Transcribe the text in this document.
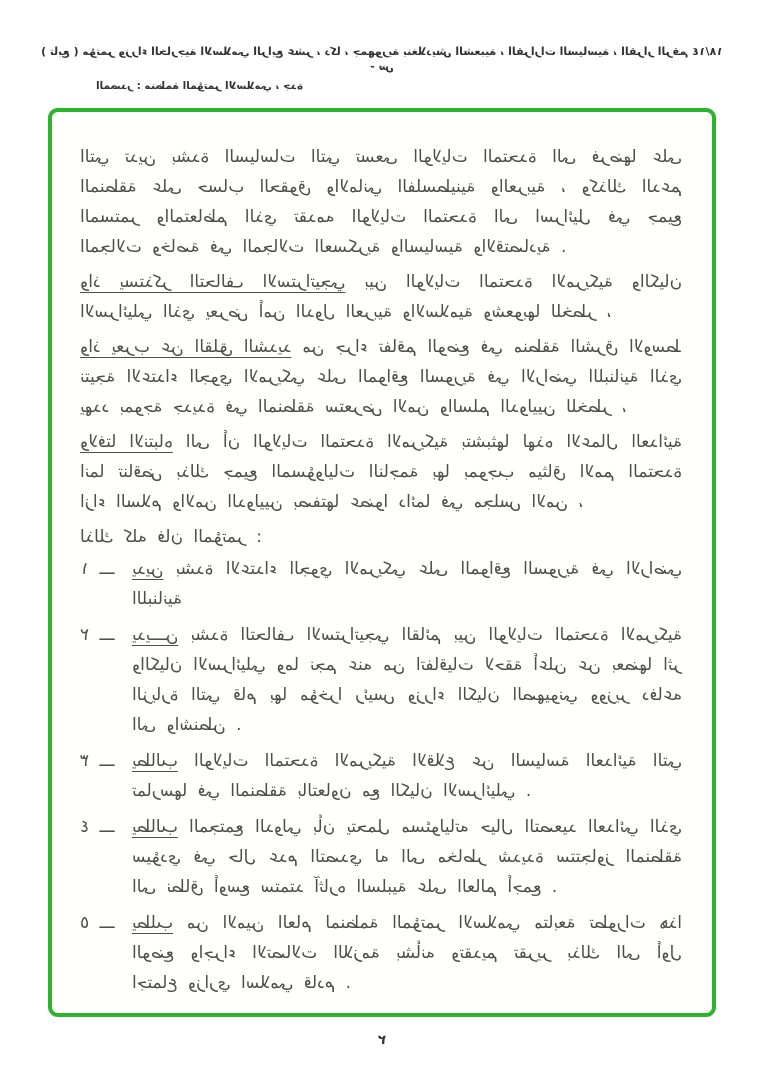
( تابع ) مؤتمر وزراء الخارجية الاسلامي الرابع عشر ، دكا ، جمهورية بنغلاديش الشعبية ، القرارات السياسية ، القرار الرقم ١٨/١٤ - س
المصدر : منظمة المؤتمر الاسلامي ، جدة

التي تدين بشدة السياسات التي تسعى الولايات المتحدة الى فرضها على المنطقة على حساب الحقوق والاماني الفلسطينية والعربية ، وكذلك الدعم المستمر والمتعاظم الذي تقدمه الولايات المتحدة الى اسرائيل في جميع المجالات وخاصة في المجالات العسكرية والسياسية والاقتصادية .

واذ يستذكر التحالف الاستراتيجي بين الولايات المتحدة الامريكية والكيان الاسرائيلي الذي يعرض أمن الدول العربية والاسلامية وشعوبها للخطر ،

واذ يعرب عن القلق الشديد من جراء تفاقم الوضع في منطقة الشرق الاوسط نتيجة الاعتداء الجوي الامريكي على المواقع السورية في الاراضي اللبنانية الذي يهدد بموجة جديدة في المنطقة ستعرض الامن والسلم الدوليين للخطر ،

ولافتا الانتباه الى أن الولايات المتحدة الامريكية بتشبثها لهذه الاعمال العدائية انما تناقض بذلك جميع المسؤوليات الناجمة بها بموجب ميثاق الامم المتحدة ازاء السلام والامن الدوليين بصفتها عضوا دائما في مجلس الامن ،

لذلك كله فان المؤتمر :

١ ـــ	يدين بشدة الاعتداء الجوي الامريكي على المواقع السورية في الاراضي اللبنانية

٢ ـــ	يديـــن بشدة التحالف الاستراتيجي القائم بين الولايات المتحدة الامريكية والكيان الاسرائيلي وما نجم عنه من اتفاقيات لاحقة أعلن عن بعضها اثر الزيارة التي قام بها مؤخرا رئيس وزراء الكيان الصهيوني ووزير دفاعه الى واشنطن .

٣ ـــ	يطالب الولايات المتحدة الامريكية الاقلاع عن السياسة العدائية التي تمارسها في المنطقة بالتعاون مع الكيان الاسرائيلي .

٤ ـــ	يطالب المجتمع الدولي بأن يتحمل مسئولياته حيال التصعيد العدائي الذي سيؤدي في حال عدم التصدي له الى مخاطر شديدة ستتجاوز المنطقة الى نطاق أوسع ستمتد آثاره السلبية على العالم أجمع .

٥ ـــ	يطلب من الامين العام لمنظمة المؤتمر الاسلامي متابعة تطورات هذا الوضع واجراء الاتصالات اللازمة بشأنه وتقديم تقرير بذلك الى أول اجتماع وزاري اسلامي قادم .

٢
